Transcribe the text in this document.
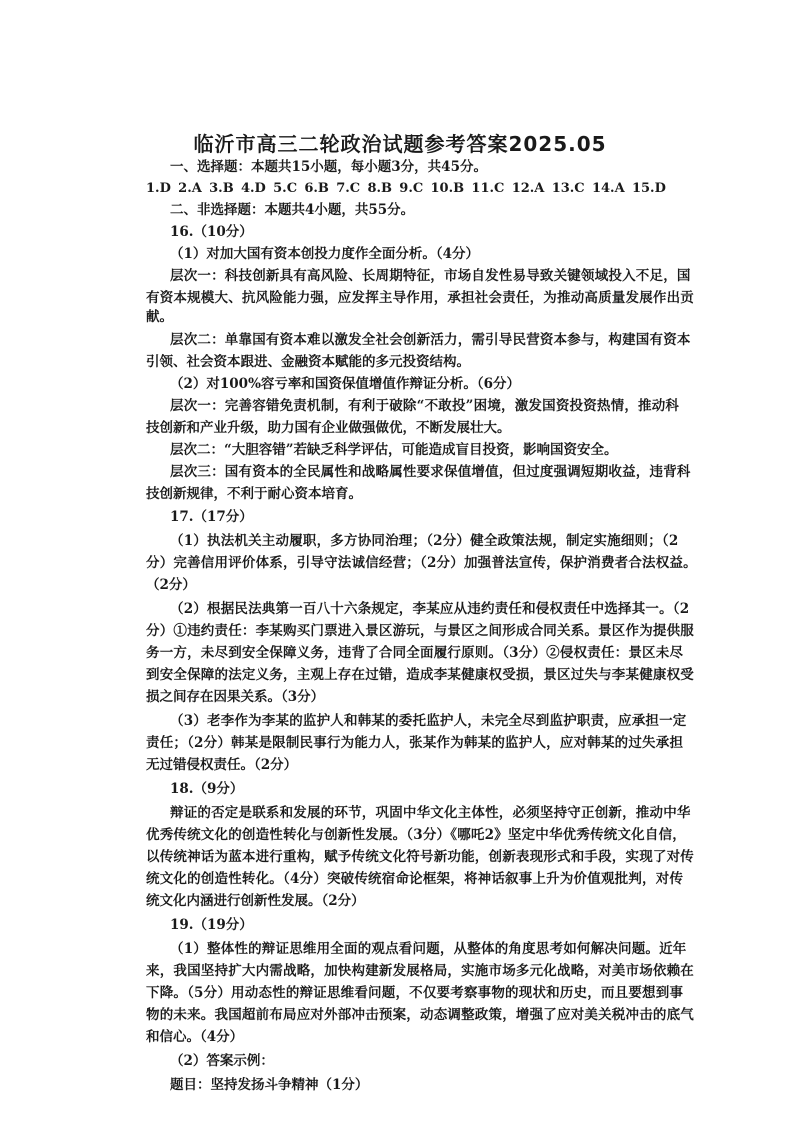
临沂市高三二轮政治试题参考答案2025.05
一、选择题：本题共15小题，每小题3分，共45分。
1.D 2.A 3.B 4.D 5.C 6.B 7.C 8.B 9.C 10.B 11.C 12.A 13.C 14.A 15.D
二、非选择题：本题共4小题，共55分。
16.（10分）
（1）对加大国有资本创投力度作全面分析。（4分）
层次一：科技创新具有高风险、长周期特征，市场自发性易导致关键领域投入不足，国
有资本规模大、抗风险能力强，应发挥主导作用，承担社会责任，为推动高质量发展作出贡
献。
层次二：单靠国有资本难以激发全社会创新活力，需引导民营资本参与，构建国有资本
引领、社会资本跟进、金融资本赋能的多元投资结构。
（2）对100%容亏率和国资保值增值作辩证分析。（6分）
层次一：完善容错免责机制，有利于破除“不敢投”困境，激发国资投资热情，推动科
技创新和产业升级，助力国有企业做强做优，不断发展壮大。
层次二：“大胆容错”若缺乏科学评估，可能造成盲目投资，影响国资安全。
层次三：国有资本的全民属性和战略属性要求保值增值，但过度强调短期收益，违背科
技创新规律，不利于耐心资本培育。
17.（17分）
（1）执法机关主动履职，多方协同治理；（2分）健全政策法规，制定实施细则；（2
分）完善信用评价体系，引导守法诚信经营；（2分）加强普法宣传，保护消费者合法权益。
（2分）
（2）根据民法典第一百八十六条规定，李某应从违约责任和侵权责任中选择其一。（2
分）①违约责任：李某购买门票进入景区游玩，与景区之间形成合同关系。景区作为提供服
务一方，未尽到安全保障义务，违背了合同全面履行原则。（3分）②侵权责任：景区未尽
到安全保障的法定义务，主观上存在过错，造成李某健康权受损，景区过失与李某健康权受
损之间存在因果关系。（3分）
（3）老李作为李某的监护人和韩某的委托监护人，未完全尽到监护职责，应承担一定
责任；（2分）韩某是限制民事行为能力人，张某作为韩某的监护人，应对韩某的过失承担
无过错侵权责任。（2分）
18.（9分）
辩证的否定是联系和发展的环节，巩固中华文化主体性，必须坚持守正创新，推动中华
优秀传统文化的创造性转化与创新性发展。（3分）《哪吒2》坚定中华优秀传统文化自信，
以传统神话为蓝本进行重构，赋予传统文化符号新功能，创新表现形式和手段，实现了对传
统文化的创造性转化。（4分）突破传统宿命论框架，将神话叙事上升为价值观批判，对传
统文化内涵进行创新性发展。（2分）
19.（19分）
（1）整体性的辩证思维用全面的观点看问题，从整体的角度思考如何解决问题。近年
来，我国坚持扩大内需战略，加快构建新发展格局，实施市场多元化战略，对美市场依赖在
下降。（5分）用动态性的辩证思维看问题，不仅要考察事物的现状和历史，而且要想到事
物的未来。我国超前布局应对外部冲击预案，动态调整政策，增强了应对美关税冲击的底气
和信心。（4分）
（2）答案示例：
题目：坚持发扬斗争精神（1分）
